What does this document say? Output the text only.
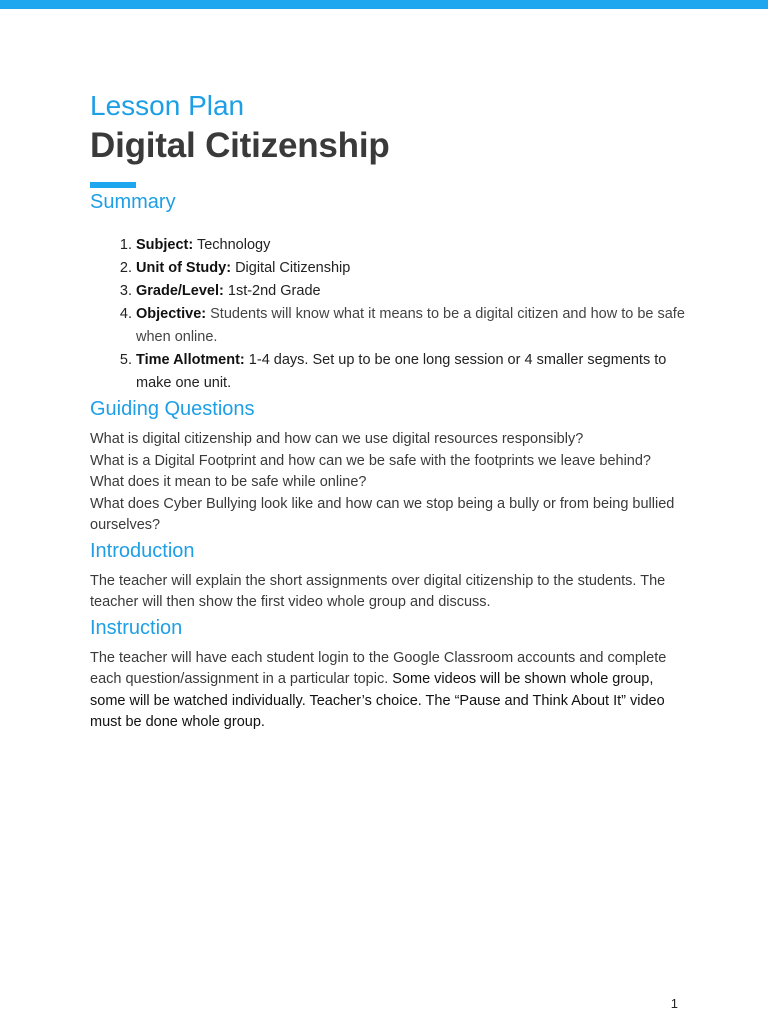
Lesson Plan
Digital Citizenship
Summary
1. Subject: Technology
2. Unit of Study: Digital Citizenship
3. Grade/Level: 1st-2nd Grade
4. Objective: Students will know what it means to be a digital citizen and how to be safe when online.
5. Time Allotment: 1-4 days. Set up to be one long session or 4 smaller segments to make one unit.
Guiding Questions
What is digital citizenship and how can we use digital resources responsibly?
What is a Digital Footprint and how can we be safe with the footprints we leave behind?
What does it mean to be safe while online?
What does Cyber Bullying look like and how can we stop being a bully or from being bullied ourselves?
Introduction

The teacher will explain the short assignments over digital citizenship to the students. The teacher will then show the first video whole group and discuss.

Instruction

The teacher will have each student login to the Google Classroom accounts and complete each question/assignment in a particular topic. Some videos will be shown whole group, some will be watched individually. Teacher’s choice. The “Pause and Think About It” video must be done whole group.

1
